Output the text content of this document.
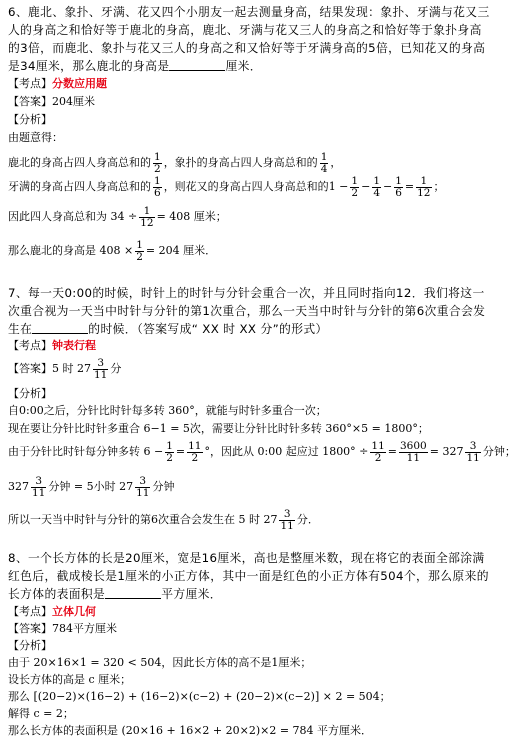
6、鹿北、象扑、牙满、花又四个小朋友一起去测量身高，结果发现：象扑、牙满与花又三
人的身高之和恰好等于鹿北的身高，鹿北、牙满与花又三人的身高之和恰好等于象扑身高
的3倍，而鹿北、象扑与花又三人的身高之和又恰好等于牙满身高的5倍，已知花又的身高
是34厘米，那么鹿北的身高是	厘米．
【考点】分数应用题
【答案】204厘米
【分析】
由题意得：
鹿北的身高占四人身高总和的 $\frac{1}{2}$ ，象扑的身高占四人身高总和的 $\frac{1}{4}$ ，
牙满的身高占四人身高总和的 $\frac{1}{6}$ ，则花又的身高占四人身高总和的 $1 - \frac{1}{2} - \frac{1}{4} - \frac{1}{6} = \frac{1}{12}$ ；
因此四人身高总和为 $34 \div \frac{1}{12} = 408$ 厘米；
那么鹿北的身高是 $408 \times \frac{1}{2} = 204$ 厘米．
7、每一天0:00的时候，时针上的时针与分针会重合一次，并且同时指向12．我们将这一
次重合视为一天当中时针与分针的第1次重合，那么一天当中时针与分针的第6次重合会发
生在	的时候．（答案写成“ XX 时 XX 分”的形式）
【考点】钟表行程
【答案】 5 时 $27 \frac{3}{11}$ 分
【分析】
自0:00之后，分针比时针每多转 360°，就能与时针多重合一次；
现在要让分针比时针多重合 6−1 = 5次，需要让分针比时针多转 360°×5 = 1800°；
由于分针比时针每分钟多转 $6 - \frac{1}{2} = \frac{11}{2}$ °，因此从 0:00 起应过 $1800^\circ \div \frac{11}{2} = \frac{3600}{11} = 327 \frac{3}{11}$ 分钟；
$327 \frac{3}{11}$ 分钟 = 5小时 $27 \frac{3}{11}$ 分钟
所以一天当中时针与分针的第6次重合会发生在 5 时 $27 \frac{3}{11}$ 分．
8、一个长方体的长是20厘米，宽是16厘米，高也是整厘米数，现在将它的表面全部涂满
红色后，截成棱长是1厘米的小正方体，其中一面是红色的小正方体有504个，那么原来的
长方体的表面积是	平方厘米．
【考点】立体几何
【答案】784平方厘米
【分析】
由于 20×16×1 = 320 < 504，因此长方体的高不是1厘米；
设长方体的高是 c 厘米；
那么 [(20−2)×(16−2) + (16−2)×(c−2) + (20−2)×(c−2)] × 2 = 504；
解得 c = 2；
那么长方体的表面积是 (20×16 + 16×2 + 20×2)×2 = 784 平方厘米．
